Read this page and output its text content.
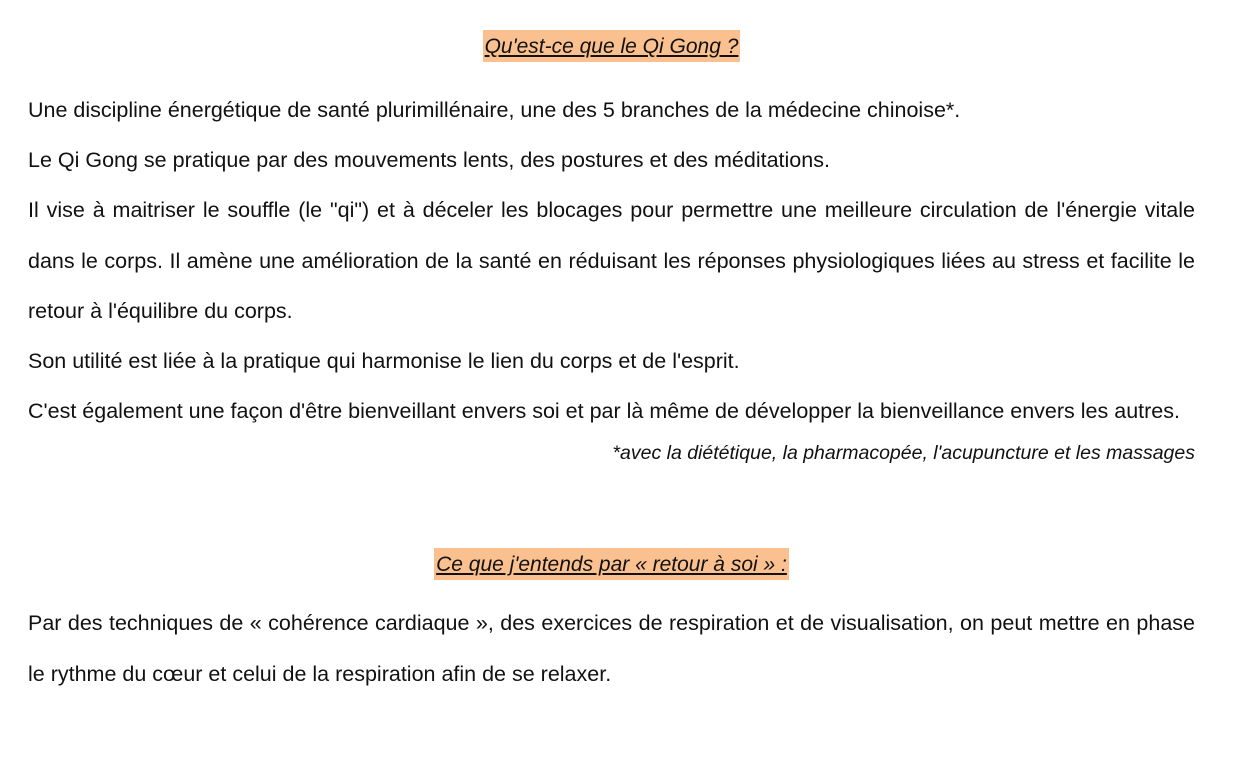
Qu'est-ce que le Qi Gong ?

Une discipline énergétique de santé plurimillénaire, une des 5 branches de la médecine chinoise*.

Le Qi Gong se pratique par des mouvements lents, des postures et des méditations.

Il vise à maitriser le souffle (le "qi") et à déceler les blocages pour permettre une meilleure circulation de l'énergie vitale dans le corps. Il amène une amélioration de la santé en réduisant les réponses physiologiques liées au stress et facilite le retour à l'équilibre du corps.

Son utilité est liée à la pratique qui harmonise le lien du corps et de l'esprit.

C'est également une façon d'être bienveillant envers soi et par là même de développer la bienveillance envers les autres.

*avec la diététique, la pharmacopée, l'acupuncture et les massages
Ce que j'entends par « retour à soi » :

Par des techniques de « cohérence cardiaque », des exercices de respiration et de visualisation, on peut mettre en phase le rythme du cœur et celui de la respiration afin de se relaxer.
